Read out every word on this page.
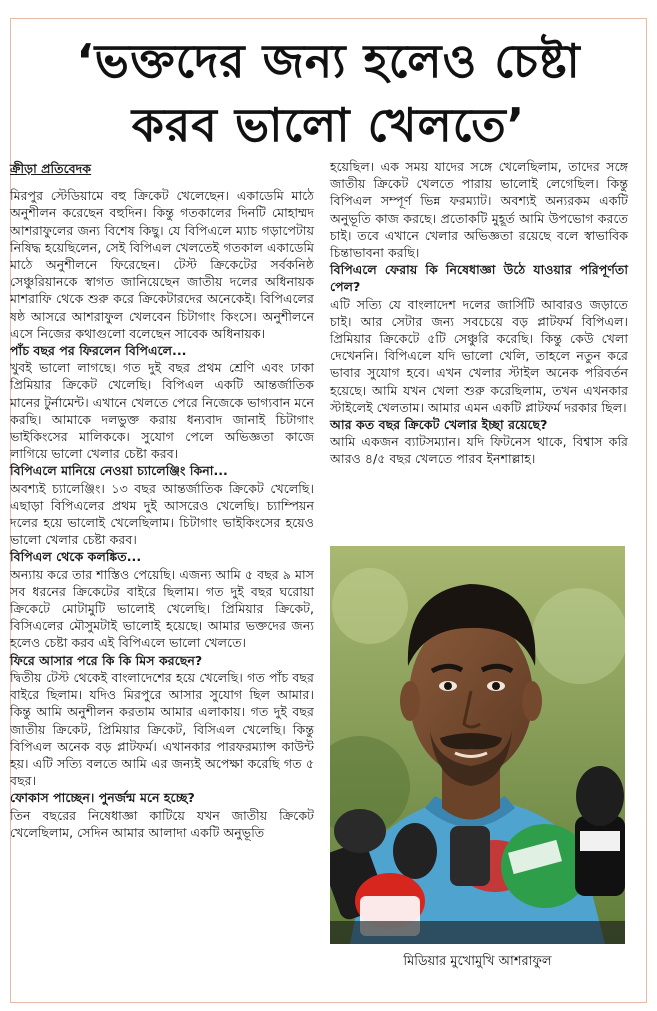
‘ভক্তদের জন্য হলেও চেষ্টা
করব ভালো খেলতে’

ক্রীড়া প্রতিবেদক

মিরপুর স্টেডিয়ামে বহু ক্রিকেট খেলেছেন। একাডেমি মাঠে অনুশীলন করেছেন বহুদিন। কিন্তু গতকালের দিনটি মোহাম্মদ আশরাফুলের জন্য বিশেষ কিছু। যে বিপিএলে ম্যাচ গড়াপেটায় নিষিদ্ধ হয়েছিলেন, সেই বিপিএল খেলতেই গতকাল একাডেমি মাঠে অনুশীলনে ফিরেছেন। টেস্ট ক্রিকেটের সর্বকনিষ্ঠ সেঞ্চুরিয়ানকে স্বাগত জানিয়েছেন জাতীয় দলের অধিনায়ক মাশরাফি থেকে শুরু করে ক্রিকেটারদের অনেকেই। বিপিএলের ষষ্ঠ আসরে আশরাফুল খেলবেন চিটাগাং কিংসে। অনুশীলনে এসে নিজের কথাগুলো বলেছেন সাবেক অধিনায়ক।

পাঁচ বছর পর ফিরলেন বিপিএলে...

খুবই ভালো লাগছে। গত দুই বছর প্রথম শ্রেণি এবং ঢাকা প্রিমিয়ার ক্রিকেট খেলেছি। বিপিএল একটি আন্তর্জাতিক মানের টুর্নামেন্ট। এখানে খেলতে পেরে নিজেকে ভাগ্যবান মনে করছি। আমাকে দলভুক্ত করায় ধন্যবাদ জানাই চিটাগাং ভাইকিংসের মালিককে। সুযোগ পেলে অভিজ্ঞতা কাজে লাগিয়ে ভালো খেলার চেষ্টা করব।

বিপিএলে মানিয়ে নেওয়া চ্যালেঞ্জিং কিনা...

অবশ্যই চ্যালেঞ্জিং। ১৩ বছর আন্তর্জাতিক ক্রিকেট খেলেছি। এছাড়া বিপিএলের প্রথম দুই আসরেও খেলেছি। চ্যাম্পিয়ন দলের হয়ে ভালোই খেলেছিলাম। চিটাগাং ভাইকিংসের হয়েও ভালো খেলার চেষ্টা করব।

বিপিএল থেকে কলঙ্কিত...

অন্যায় করে তার শাস্তিও পেয়েছি। এজন্য আমি ৫ বছর ৯ মাস সব ধরনের ক্রিকেটের বাইরে ছিলাম। গত দুই বছর ঘরোয়া ক্রিকেটে মোটামুটি ভালোই খেলেছি। প্রিমিয়ার ক্রিকেট, বিসিএলের মৌসুমটাই ভালোই হয়েছে। আমার ভক্তদের জন্য হলেও চেষ্টা করব এই বিপিএলে ভালো খেলতে।

ফিরে আসার পরে কি কি মিস করছেন?

দ্বিতীয় টেস্ট থেকেই বাংলাদেশের হয়ে খেলেছি। গত পাঁচ বছর বাইরে ছিলাম। যদিও মিরপুরে আসার সুযোগ ছিল আমার। কিন্তু আমি অনুশীলন করতাম আমার এলাকায়। গত দুই বছর জাতীয় ক্রিকেট, প্রিমিয়ার ক্রিকেট, বিসিএল খেলেছি। কিন্তু বিপিএল অনেক বড় প্লাটফর্ম। এখানকার পারফরম্যান্স কাউন্ট হয়। এটি সত্যি বলতে আমি এর জন্যই অপেক্ষা করেছি গত ৫ বছর।

ফোকাস পাচ্ছেন। পুনর্জন্ম মনে হচ্ছে?

তিন বছরের নিষেধাজ্ঞা কাটিয়ে যখন জাতীয় ক্রিকেট খেলেছিলাম, সেদিন আমার আলাদা একটি অনুভূতি

হয়েছিল। এক সময় যাদের সঙ্গে খেলেছিলাম, তাদের সঙ্গে জাতীয় ক্রিকেট খেলতে পারায় ভালোই লেগেছিল। কিন্তু বিপিএল সম্পূর্ণ ভিন্ন ফরম্যাট। অবশ্যই অন্যরকম একটি অনুভূতি কাজ করছে। প্রতোকটি মুহূর্ত আমি উপভোগ করতে চাই। তবে এখানে খেলার অভিজ্ঞতা রয়েছে বলে স্বাভাবিক চিন্তাভাবনা করছি।

বিপিএলে ফেরায় কি নিষেধাজ্ঞা উঠে যাওয়ার পরিপূর্ণতা পেল?

এটি সত্যি যে বাংলাদেশ দলের জার্সিটি আবারও জড়াতে চাই। আর সেটার জন্য সবচেয়ে বড় প্লাটফর্ম বিপিএল। প্রিমিয়ার ক্রিকেটে ৫টি সেঞ্চুরি করেছি। কিন্তু কেউ খেলা দেখেননি। বিপিএলে যদি ভালো খেলি, তাহলে নতুন করে ভাবার সুযোগ হবে। এখন খেলার স্টাইল অনেক পরিবর্তন হয়েছে। আমি যখন খেলা শুরু করেছিলাম, তখন এখনকার স্টাইলেই খেলতাম। আমার এমন একটি প্লাটফর্ম দরকার ছিল।

আর কত বছর ক্রিকেট খেলার ইচ্ছা রয়েছে?

আমি একজন ব্যাটসম্যান। যদি ফিটনেস থাকে, বিশ্বাস করি আরও ৪/৫ বছর খেলতে পারব ইনশাল্লাহ।

মিডিয়ার মুখোমুখি আশরাফুল
